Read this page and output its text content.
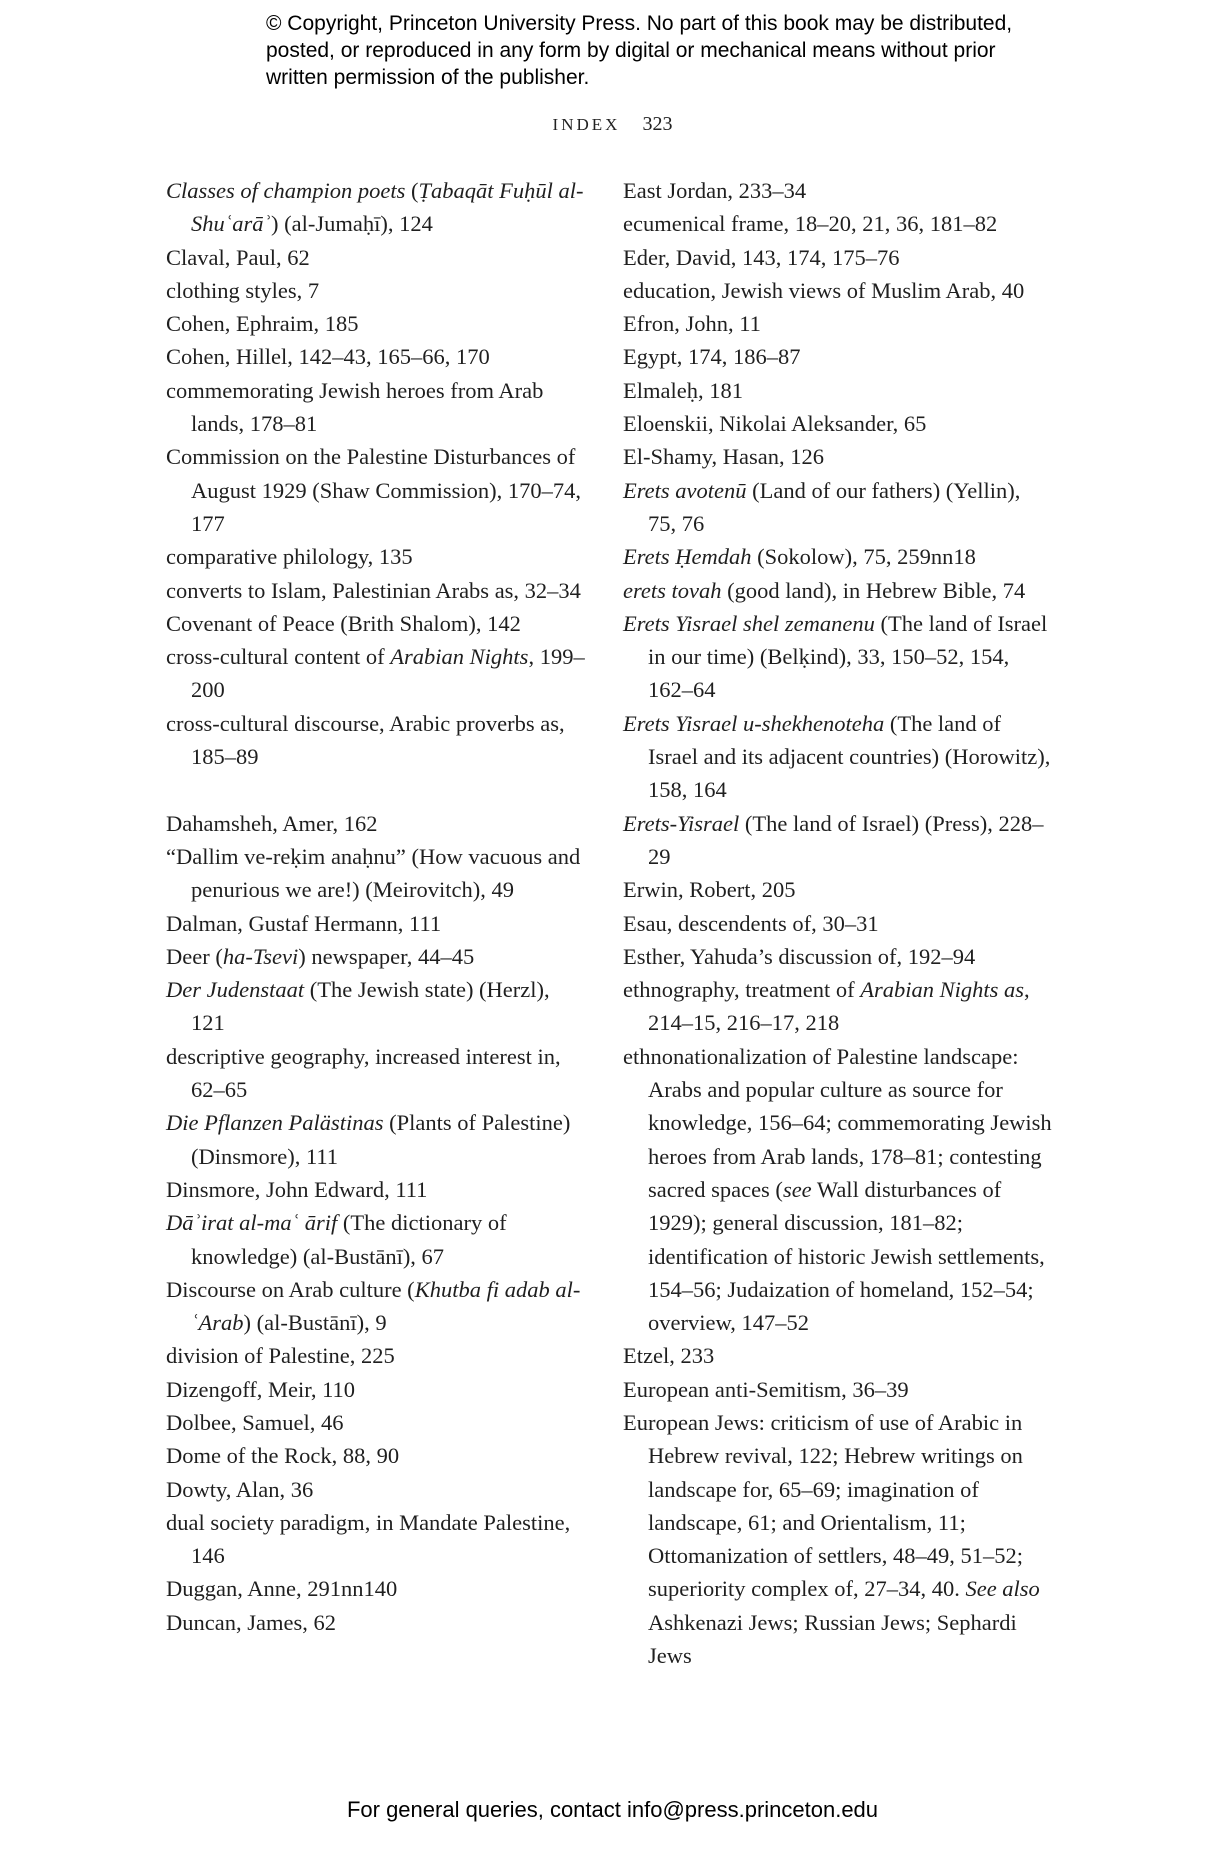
© Copyright, Princeton University Press. No part of this book may be distributed, posted, or reproduced in any form by digital or mechanical means without prior written permission of the publisher.
INDEX 323

Classes of champion poets (Ṭabaqāt Fuḥūl al-Shuʿarāʾ) (al-Jumaḥī), 124

Claval, Paul, 62

clothing styles, 7

Cohen, Ephraim, 185

Cohen, Hillel, 142–43, 165–66, 170

commemorating Jewish heroes from Arab lands, 178–81

Commission on the Palestine Disturbances of August 1929 (Shaw Commission), 170–74, 177

comparative philology, 135

converts to Islam, Palestinian Arabs as, 32–34

Covenant of Peace (Brith Shalom), 142

cross-cultural content of Arabian Nights, 199–200

cross-cultural discourse, Arabic proverbs as, 185–89

Dahamsheh, Amer, 162

“Dallim ve-reḳim anaḥnu” (How vacuous and penurious we are!) (Meirovitch), 49

Dalman, Gustaf Hermann, 111

Deer (ha-Tsevi) newspaper, 44–45

Der Judenstaat (The Jewish state) (Herzl), 121

descriptive geography, increased interest in, 62–65

Die Pflanzen Palästinas (Plants of Palestine) (Dinsmore), 111

Dinsmore, John Edward, 111

Dāʾirat al-maʿ ārif (The dictionary of knowledge) (al-Bustānī), 67

Discourse on Arab culture (Khutba fi adab al-ʿArab) (al-Bustānī), 9

division of Palestine, 225

Dizengoff, Meir, 110

Dolbee, Samuel, 46

Dome of the Rock, 88, 90

Dowty, Alan, 36

dual society paradigm, in Mandate Palestine, 146

Duggan, Anne, 291nn140

Duncan, James, 62

East Jordan, 233–34

ecumenical frame, 18–20, 21, 36, 181–82

Eder, David, 143, 174, 175–76

education, Jewish views of Muslim Arab, 40

Efron, John, 11

Egypt, 174, 186–87

Elmaleḥ, 181

Eloenskii, Nikolai Aleksander, 65

El-Shamy, Hasan, 126

Erets avotenū (Land of our fathers) (Yellin), 75, 76

Erets Ḥemdah (Sokolow), 75, 259nn18

erets tovah (good land), in Hebrew Bible, 74

Erets Yisrael shel zemanenu (The land of Israel in our time) (Belḳind), 33, 150–52, 154, 162–64

Erets Yisrael u-shekhenoteha (The land of Israel and its adjacent countries) (Horowitz), 158, 164

Erets-Yisrael (The land of Israel) (Press), 228–29

Erwin, Robert, 205

Esau, descendents of, 30–31

Esther, Yahuda’s discussion of, 192–94

ethnography, treatment of Arabian Nights as, 214–15, 216–17, 218

ethnonationalization of Palestine landscape: Arabs and popular culture as source for knowledge, 156–64; commemorating Jewish heroes from Arab lands, 178–81; contesting sacred spaces (see Wall disturbances of 1929); general discussion, 181–82; identification of historic Jewish settlements, 154–56; Judaization of homeland, 152–54; overview, 147–52

Etzel, 233

European anti-Semitism, 36–39

European Jews: criticism of use of Arabic in Hebrew revival, 122; Hebrew writings on landscape for, 65–69; imagination of landscape, 61; and Orientalism, 11; Ottomanization of settlers, 48–49, 51–52; superiority complex of, 27–34, 40. See also Ashkenazi Jews; Russian Jews; Sephardi Jews

For general queries, contact info@press.princeton.edu
